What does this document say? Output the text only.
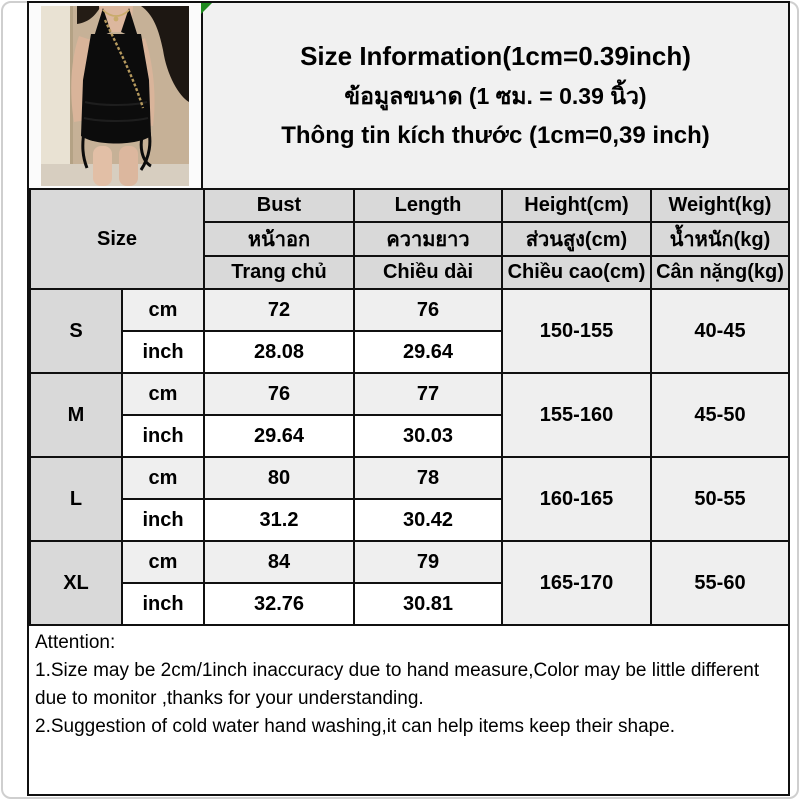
Size Information(1cm=0.39inch)
ข้อมูลขนาด (1 ซม. = 0.39 นิ้ว)
Thông tin kích thước (1cm=0,39 inch)
Size		Bust	Length	Height(cm)	Weight(kg)
		หน้าอก	ความยาว	ส่วนสูง(cm)	น้ำหนัก(kg)
		Trang chủ	Chiều dài	Chiều cao(cm)	Cân nặng(kg)
S	cm	72	76	150-155	40-45
	inch	28.08	29.64		
M	cm	76	77	155-160	45-50
	inch	29.64	30.03		
L	cm	80	78	160-165	50-55
	inch	31.2	30.42		
XL	cm	84	79	165-170	55-60
	inch	32.76	30.81		

Attention:

1.Size may be 2cm/1inch inaccuracy due to hand measure,Color may be little different due to monitor ,thanks for your understanding.

2.Suggestion of cold water hand washing,it can help items keep their shape.
